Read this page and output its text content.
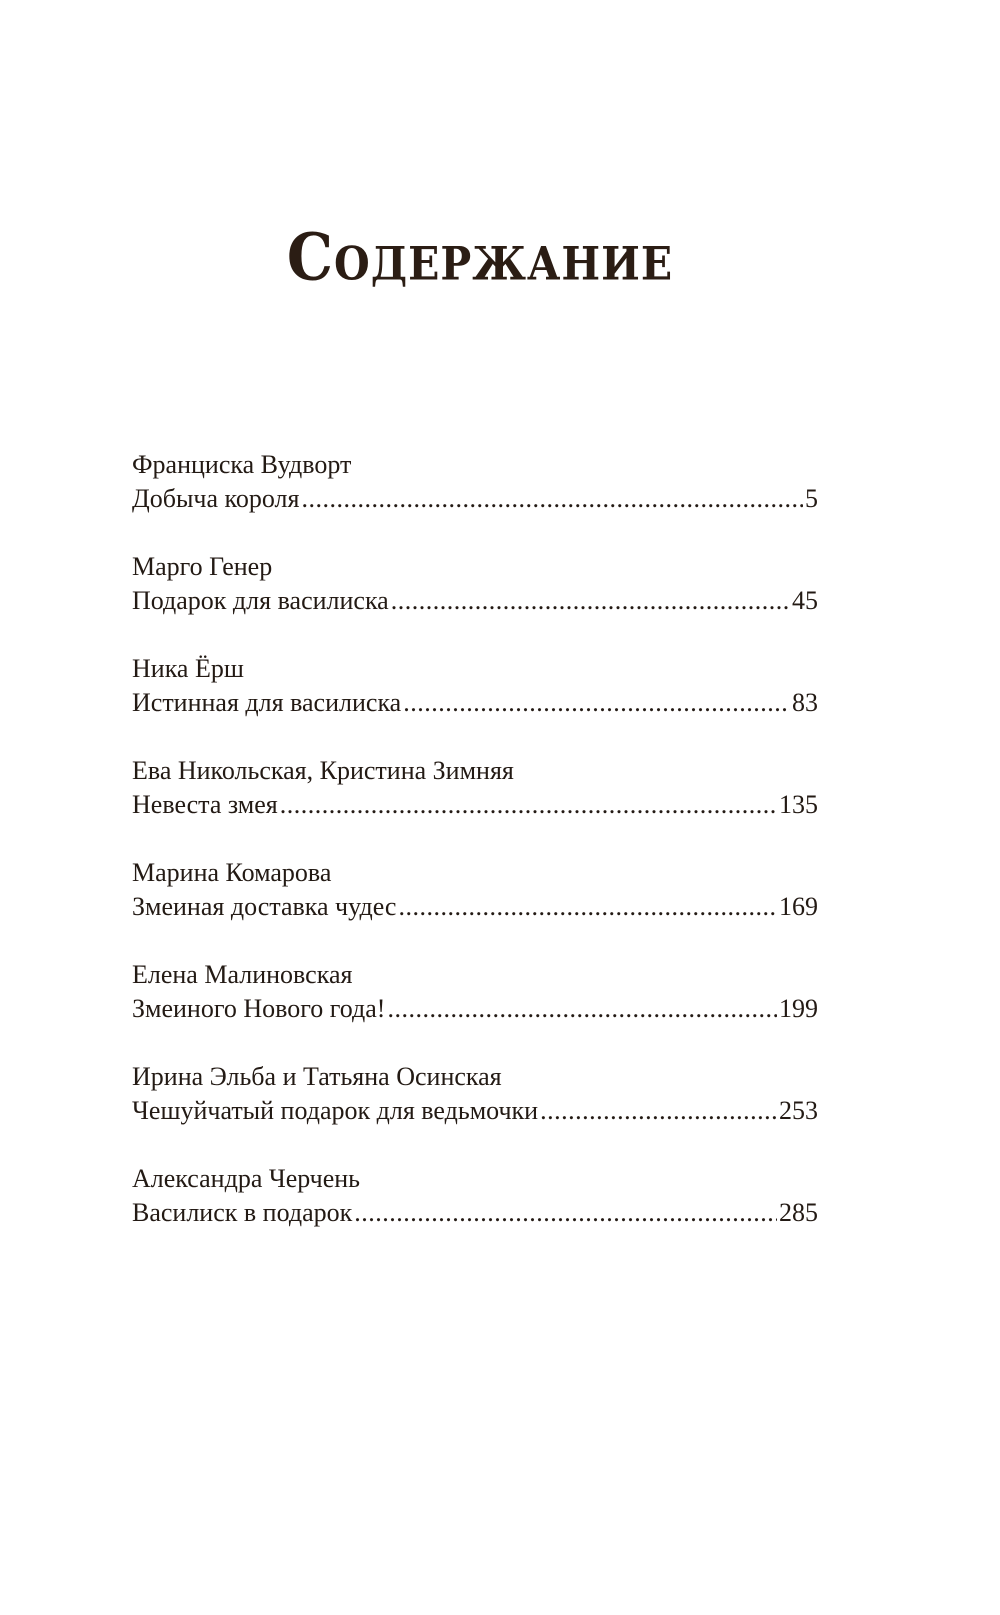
Содержание
Франциска Вудворт
Добыча короля .....	5
Марго Генер
Подарок для василиска .....	45
Ника Ёрш
Истинная для василиска .....	83
Ева Никольская, Кристина Зимняя
Невеста змея .....	135
Марина Комарова
Змеиная доставка чудес .....	169
Елена Малиновская
Змеиного Нового года! .....	199
Ирина Эльба и Татьяна Осинская
Чешуйчатый подарок для ведьмочки .....	253
Александра Черчень
Василиск в подарок .....	285
